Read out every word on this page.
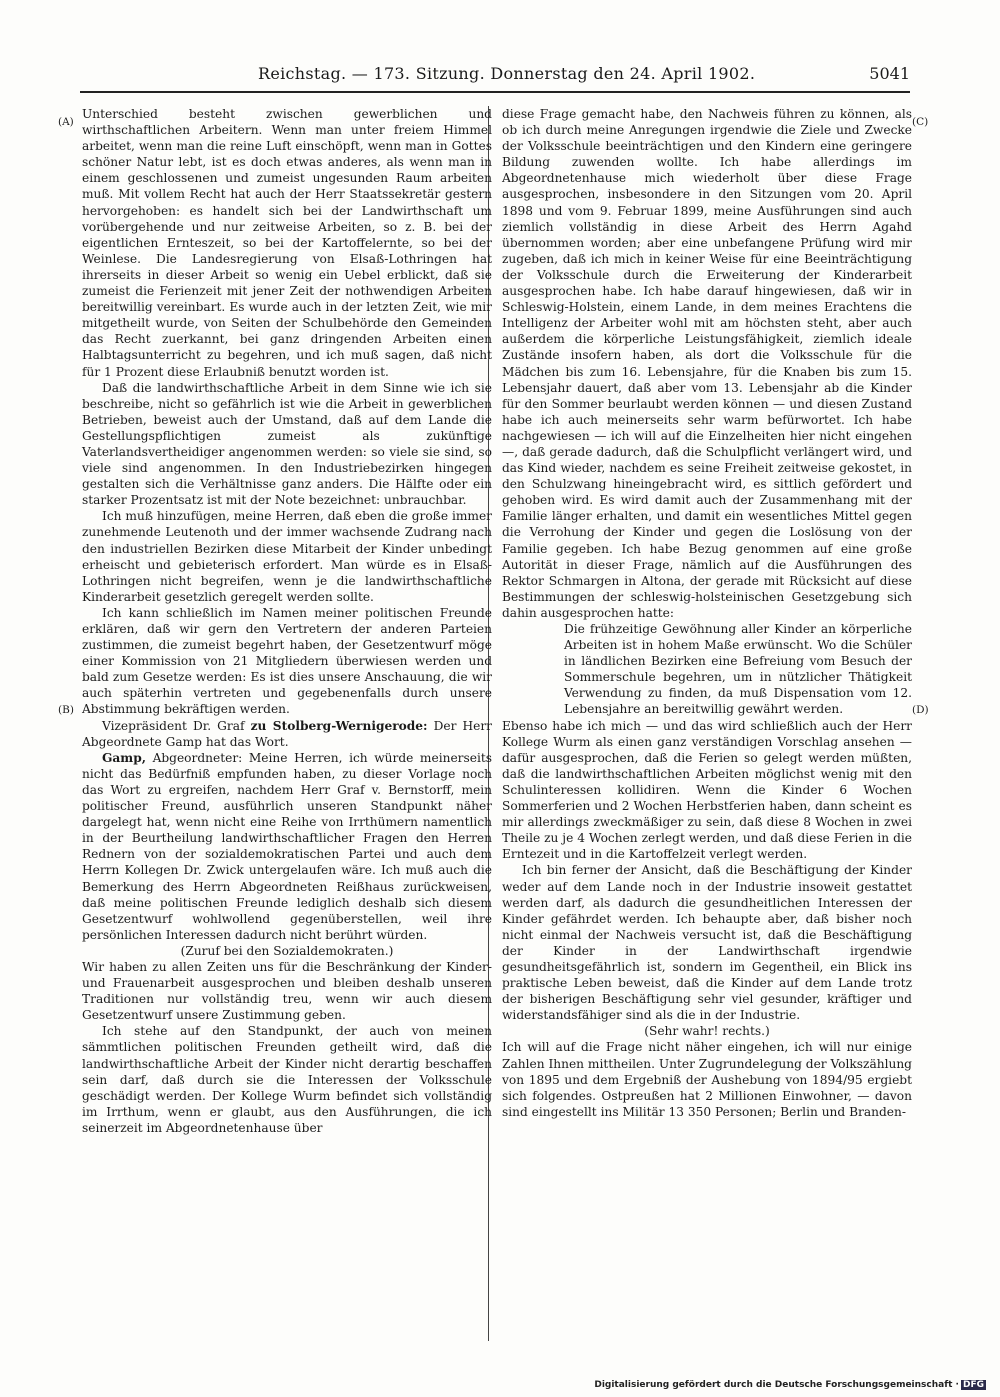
Reichstag. — 173. Sitzung. Donnerstag den 24. April 1902.	5041
(A)
(B)
(C)
(D)

Unterschied besteht zwischen gewerblichen und wirthschaftlichen Arbeitern. Wenn man unter freiem Himmel arbeitet, wenn man die reine Luft einschöpft, wenn man in Gottes schöner Natur lebt, ist es doch etwas anderes, als wenn man in einem geschlossenen und zumeist ungesunden Raum arbeiten muß. Mit vollem Recht hat auch der Herr Staatssekretär gestern hervorgehoben: es handelt sich bei der Landwirthschaft um vorübergehende und nur zeitweise Arbeiten, so z. B. bei der eigentlichen Ernteszeit, so bei der Kartoffelernte, so bei der Weinlese. Die Landesregierung von Elsaß-Lothringen hat ihrerseits in dieser Arbeit so wenig ein Uebel erblickt, daß sie zumeist die Ferienzeit mit jener Zeit der nothwendigen Arbeiten bereitwillig vereinbart. Es wurde auch in der letzten Zeit, wie mir mitgetheilt wurde, von Seiten der Schulbehörde den Gemeinden das Recht zuerkannt, bei ganz dringenden Arbeiten einen Halbtagsunterricht zu begehren, und ich muß sagen, daß nicht für 1 Prozent diese Erlaubniß benutzt worden ist.

Daß die landwirthschaftliche Arbeit in dem Sinne wie ich sie beschreibe, nicht so gefährlich ist wie die Arbeit in gewerblichen Betrieben, beweist auch der Umstand, daß auf dem Lande die Gestellungspflichtigen zumeist als zukünftige Vaterlandsvertheidiger angenommen werden: so viele sie sind, so viele sind angenommen. In den Industriebezirken hingegen gestalten sich die Verhältnisse ganz anders. Die Hälfte oder ein starker Prozentsatz ist mit der Note bezeichnet: unbrauchbar.

Ich muß hinzufügen, meine Herren, daß eben die große immer zunehmende Leutenoth und der immer wachsende Zudrang nach den industriellen Bezirken diese Mitarbeit der Kinder unbedingt erheischt und gebieterisch erfordert. Man würde es in Elsaß-Lothringen nicht begreifen, wenn je die landwirthschaftliche Kinderarbeit gesetzlich geregelt werden sollte.

Ich kann schließlich im Namen meiner politischen Freunde erklären, daß wir gern den Vertretern der anderen Parteien zustimmen, die zumeist begehrt haben, der Gesetzentwurf möge einer Kommission von 21 Mitgliedern überwiesen werden und bald zum Gesetze werden: Es ist dies unsere Anschauung, die wir auch späterhin vertreten und gegebenenfalls durch unsere Abstimmung bekräftigen werden.

Vizepräsident Dr. Graf zu Stolberg-Wernigerode: Der Herr Abgeordnete Gamp hat das Wort.

Gamp, Abgeordneter: Meine Herren, ich würde meinerseits nicht das Bedürfniß empfunden haben, zu dieser Vorlage noch das Wort zu ergreifen, nachdem Herr Graf v. Bernstorff, mein politischer Freund, ausführlich unseren Standpunkt näher dargelegt hat, wenn nicht eine Reihe von Irrthümern namentlich in der Beurtheilung landwirthschaftlicher Fragen den Herren Rednern von der sozialdemokratischen Partei und auch dem Herrn Kollegen Dr. Zwick untergelaufen wäre. Ich muß auch die Bemerkung des Herrn Abgeordneten Reißhaus zurückweisen, daß meine politischen Freunde lediglich deshalb sich diesem Gesetzentwurf wohlwollend gegenüberstellen, weil ihre persönlichen Interessen dadurch nicht berührt würden.

(Zuruf bei den Sozialdemokraten.)

Wir haben zu allen Zeiten uns für die Beschränkung der Kinder- und Frauenarbeit ausgesprochen und bleiben deshalb unseren Traditionen nur vollständig treu, wenn wir auch diesem Gesetzentwurf unsere Zustimmung geben.

Ich stehe auf den Standpunkt, der auch von meinen sämmtlichen politischen Freunden getheilt wird, daß die landwirthschaftliche Arbeit der Kinder nicht derartig beschaffen sein darf, daß durch sie die Interessen der Volksschule geschädigt werden. Der Kollege Wurm befindet sich vollständig im Irrthum, wenn er glaubt, aus den Ausführungen, die ich seinerzeit im Abgeordnetenhause über

diese Frage gemacht habe, den Nachweis führen zu können, als ob ich durch meine Anregungen irgendwie die Ziele und Zwecke der Volksschule beeinträchtigen und den Kindern eine geringere Bildung zuwenden wollte. Ich habe allerdings im Abgeordnetenhause mich wiederholt über diese Frage ausgesprochen, insbesondere in den Sitzungen vom 20. April 1898 und vom 9. Februar 1899, meine Ausführungen sind auch ziemlich vollständig in diese Arbeit des Herrn Agahd übernommen worden; aber eine unbefangene Prüfung wird mir zugeben, daß ich mich in keiner Weise für eine Beeinträchtigung der Volksschule durch die Erweiterung der Kinderarbeit ausgesprochen habe. Ich habe darauf hingewiesen, daß wir in Schleswig-Holstein, einem Lande, in dem meines Erachtens die Intelligenz der Arbeiter wohl mit am höchsten steht, aber auch außerdem die körperliche Leistungsfähigkeit, ziemlich ideale Zustände insofern haben, als dort die Volksschule für die Mädchen bis zum 16. Lebensjahre, für die Knaben bis zum 15. Lebensjahr dauert, daß aber vom 13. Lebensjahr ab die Kinder für den Sommer beurlaubt werden können — und diesen Zustand habe ich auch meinerseits sehr warm befürwortet. Ich habe nachgewiesen — ich will auf die Einzelheiten hier nicht eingehen —, daß gerade dadurch, daß die Schulpflicht verlängert wird, und das Kind wieder, nachdem es seine Freiheit zeitweise gekostet, in den Schulzwang hineingebracht wird, es sittlich gefördert und gehoben wird. Es wird damit auch der Zusammenhang mit der Familie länger erhalten, und damit ein wesentliches Mittel gegen die Verrohung der Kinder und gegen die Loslösung von der Familie gegeben. Ich habe Bezug genommen auf eine große Autorität in dieser Frage, nämlich auf die Ausführungen des Rektor Schmargen in Altona, der gerade mit Rücksicht auf diese Bestimmungen der schleswig-holsteinischen Gesetzgebung sich dahin ausgesprochen hatte:

Die frühzeitige Gewöhnung aller Kinder an körperliche Arbeiten ist in hohem Maße erwünscht. Wo die Schüler in ländlichen Bezirken eine Befreiung vom Besuch der Sommerschule begehren, um in nützlicher Thätigkeit Verwendung zu finden, da muß Dispensation vom 12. Lebensjahre an bereitwillig gewährt werden.

Ebenso habe ich mich — und das wird schließlich auch der Herr Kollege Wurm als einen ganz verständigen Vorschlag ansehen — dafür ausgesprochen, daß die Ferien so gelegt werden müßten, daß die landwirthschaftlichen Arbeiten möglichst wenig mit den Schulinteressen kollidiren. Wenn die Kinder 6 Wochen Sommerferien und 2 Wochen Herbstferien haben, dann scheint es mir allerdings zweckmäßiger zu sein, daß diese 8 Wochen in zwei Theile zu je 4 Wochen zerlegt werden, und daß diese Ferien in die Erntezeit und in die Kartoffelzeit verlegt werden.

Ich bin ferner der Ansicht, daß die Beschäftigung der Kinder weder auf dem Lande noch in der Industrie insoweit gestattet werden darf, als dadurch die gesundheitlichen Interessen der Kinder gefährdet werden. Ich behaupte aber, daß bisher noch nicht einmal der Nachweis versucht ist, daß die Beschäftigung der Kinder in der Landwirthschaft irgendwie gesundheitsgefährlich ist, sondern im Gegentheil, ein Blick ins praktische Leben beweist, daß die Kinder auf dem Lande trotz der bisherigen Beschäftigung sehr viel gesunder, kräftiger und widerstandsfähiger sind als die in der Industrie.

(Sehr wahr! rechts.)

Ich will auf die Frage nicht näher eingehen, ich will nur einige Zahlen Ihnen mittheilen. Unter Zugrundelegung der Volkszählung von 1895 und dem Ergebniß der Aushebung von 1894/95 ergiebt sich folgendes. Ostpreußen hat 2 Millionen Einwohner, — davon sind eingestellt ins Militär 13 350 Personen; Berlin und Branden-

Digitalisierung gefördert durch die Deutsche Forschungsgemeinschaft · DFG
